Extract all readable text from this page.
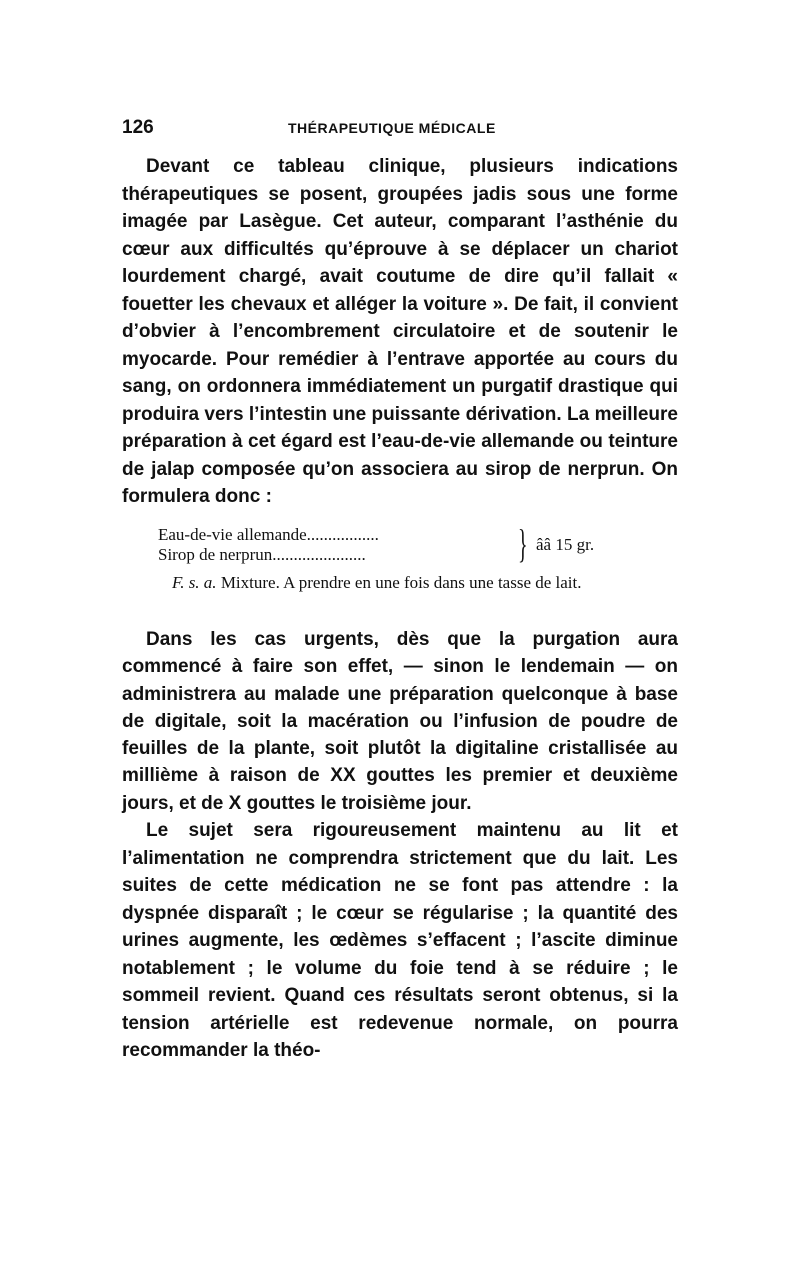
126	THÉRAPEUTIQUE MÉDICALE

Devant ce tableau clinique, plusieurs indications thérapeutiques se posent, groupées jadis sous une forme imagée par Lasègue. Cet auteur, comparant l’asthénie du cœur aux difficultés qu’éprouve à se déplacer un chariot lourdement chargé, avait coutume de dire qu’il fallait « fouetter les chevaux et alléger la voiture ». De fait, il convient d’obvier à l’encombrement circulatoire et de soutenir le myocarde. Pour remédier à l’entrave apportée au cours du sang, on ordonnera immédiatement un purgatif drastique qui produira vers l’intestin une puissante dérivation. La meilleure préparation à cet égard est l’eau-de-vie allemande ou teinture de jalap composée qu’on associera au sirop de nerprun. On formulera donc :

Eau-de-vie allemande.................
Sirop de nerprun......................	} ââ 15 gr.

F. s. a. Mixture. A prendre en une fois dans une tasse de lait.

Dans les cas urgents, dès que la purgation aura commencé à faire son effet, — sinon le lendemain — on administrera au malade une préparation quelconque à base de digitale, soit la macération ou l’infusion de poudre de feuilles de la plante, soit plutôt la digitaline cristallisée au millième à raison de XX gouttes les premier et deuxième jours, et de X gouttes le troisième jour.

Le sujet sera rigoureusement maintenu au lit et l’alimentation ne comprendra strictement que du lait. Les suites de cette médication ne se font pas attendre : la dyspnée disparaît ; le cœur se régularise ; la quantité des urines augmente, les œdèmes s’effacent ; l’ascite diminue notablement ; le volume du foie tend à se réduire ; le sommeil revient. Quand ces résultats seront obtenus, si la tension artérielle est redevenue normale, on pourra recommander la théo-
